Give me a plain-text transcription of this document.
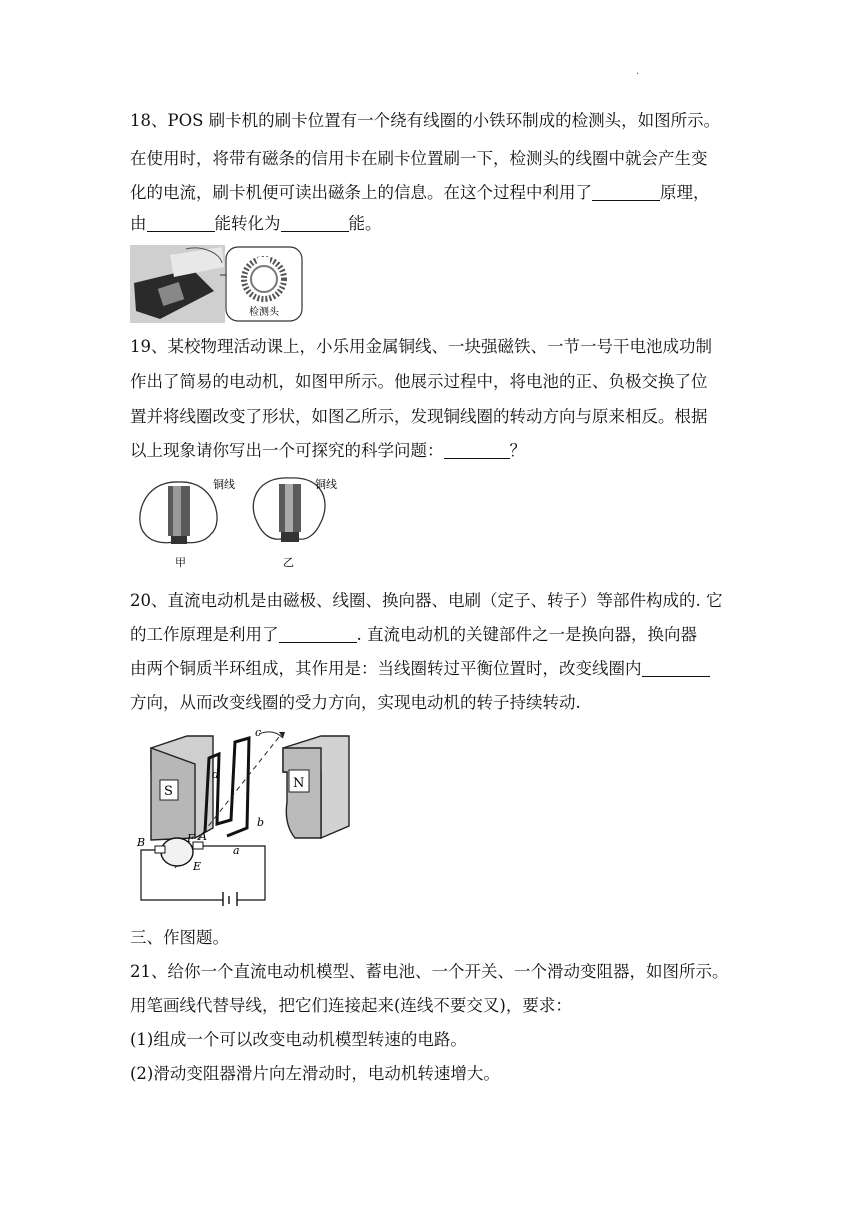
.

18、POS 刷卡机的刷卡位置有一个绕有线圈的小铁环制成的检测头，如图所示。

在使用时，将带有磁条的信用卡在刷卡位置刷一下，检测头的线圈中就会产生变

化的电流，刷卡机便可读出磁条上的信息。在这个过程中利用了	原理，

由	能转化为	能。

检测头

19、某校物理活动课上，小乐用金属铜线、一块强磁铁、一节一号干电池成功制

作出了简易的电动机，如图甲所示。他展示过程中，将电池的正、负极交换了位

置并将线圈改变了形状，如图乙所示，发现铜线圈的转动方向与原来相反。根据

以上现象请你写出一个可探究的科学问题：	？

铜线
甲
铜线
乙

20、直流电动机是由磁极、线圈、换向器、电刷（定子、转子）等部件构成的. 它

的工作原理是利用了	. 直流电动机的关键部件之一是换向器，换向器

由两个铜质半环组成，其作用是：当线圈转过平衡位置时，改变线圈内

方向，从而改变线圈的受力方向，实现电动机的转子持续转动.

S
N
c
d
b
a
F A
B
E

三、作图题。

21、给你一个直流电动机模型、蓄电池、一个开关、一个滑动变阻器，如图所示。

用笔画线代替导线，把它们连接起来(连线不要交叉)，要求：

(1)组成一个可以改变电动机模型转速的电路。

(2)滑动变阻器滑片向左滑动时，电动机转速增大。
